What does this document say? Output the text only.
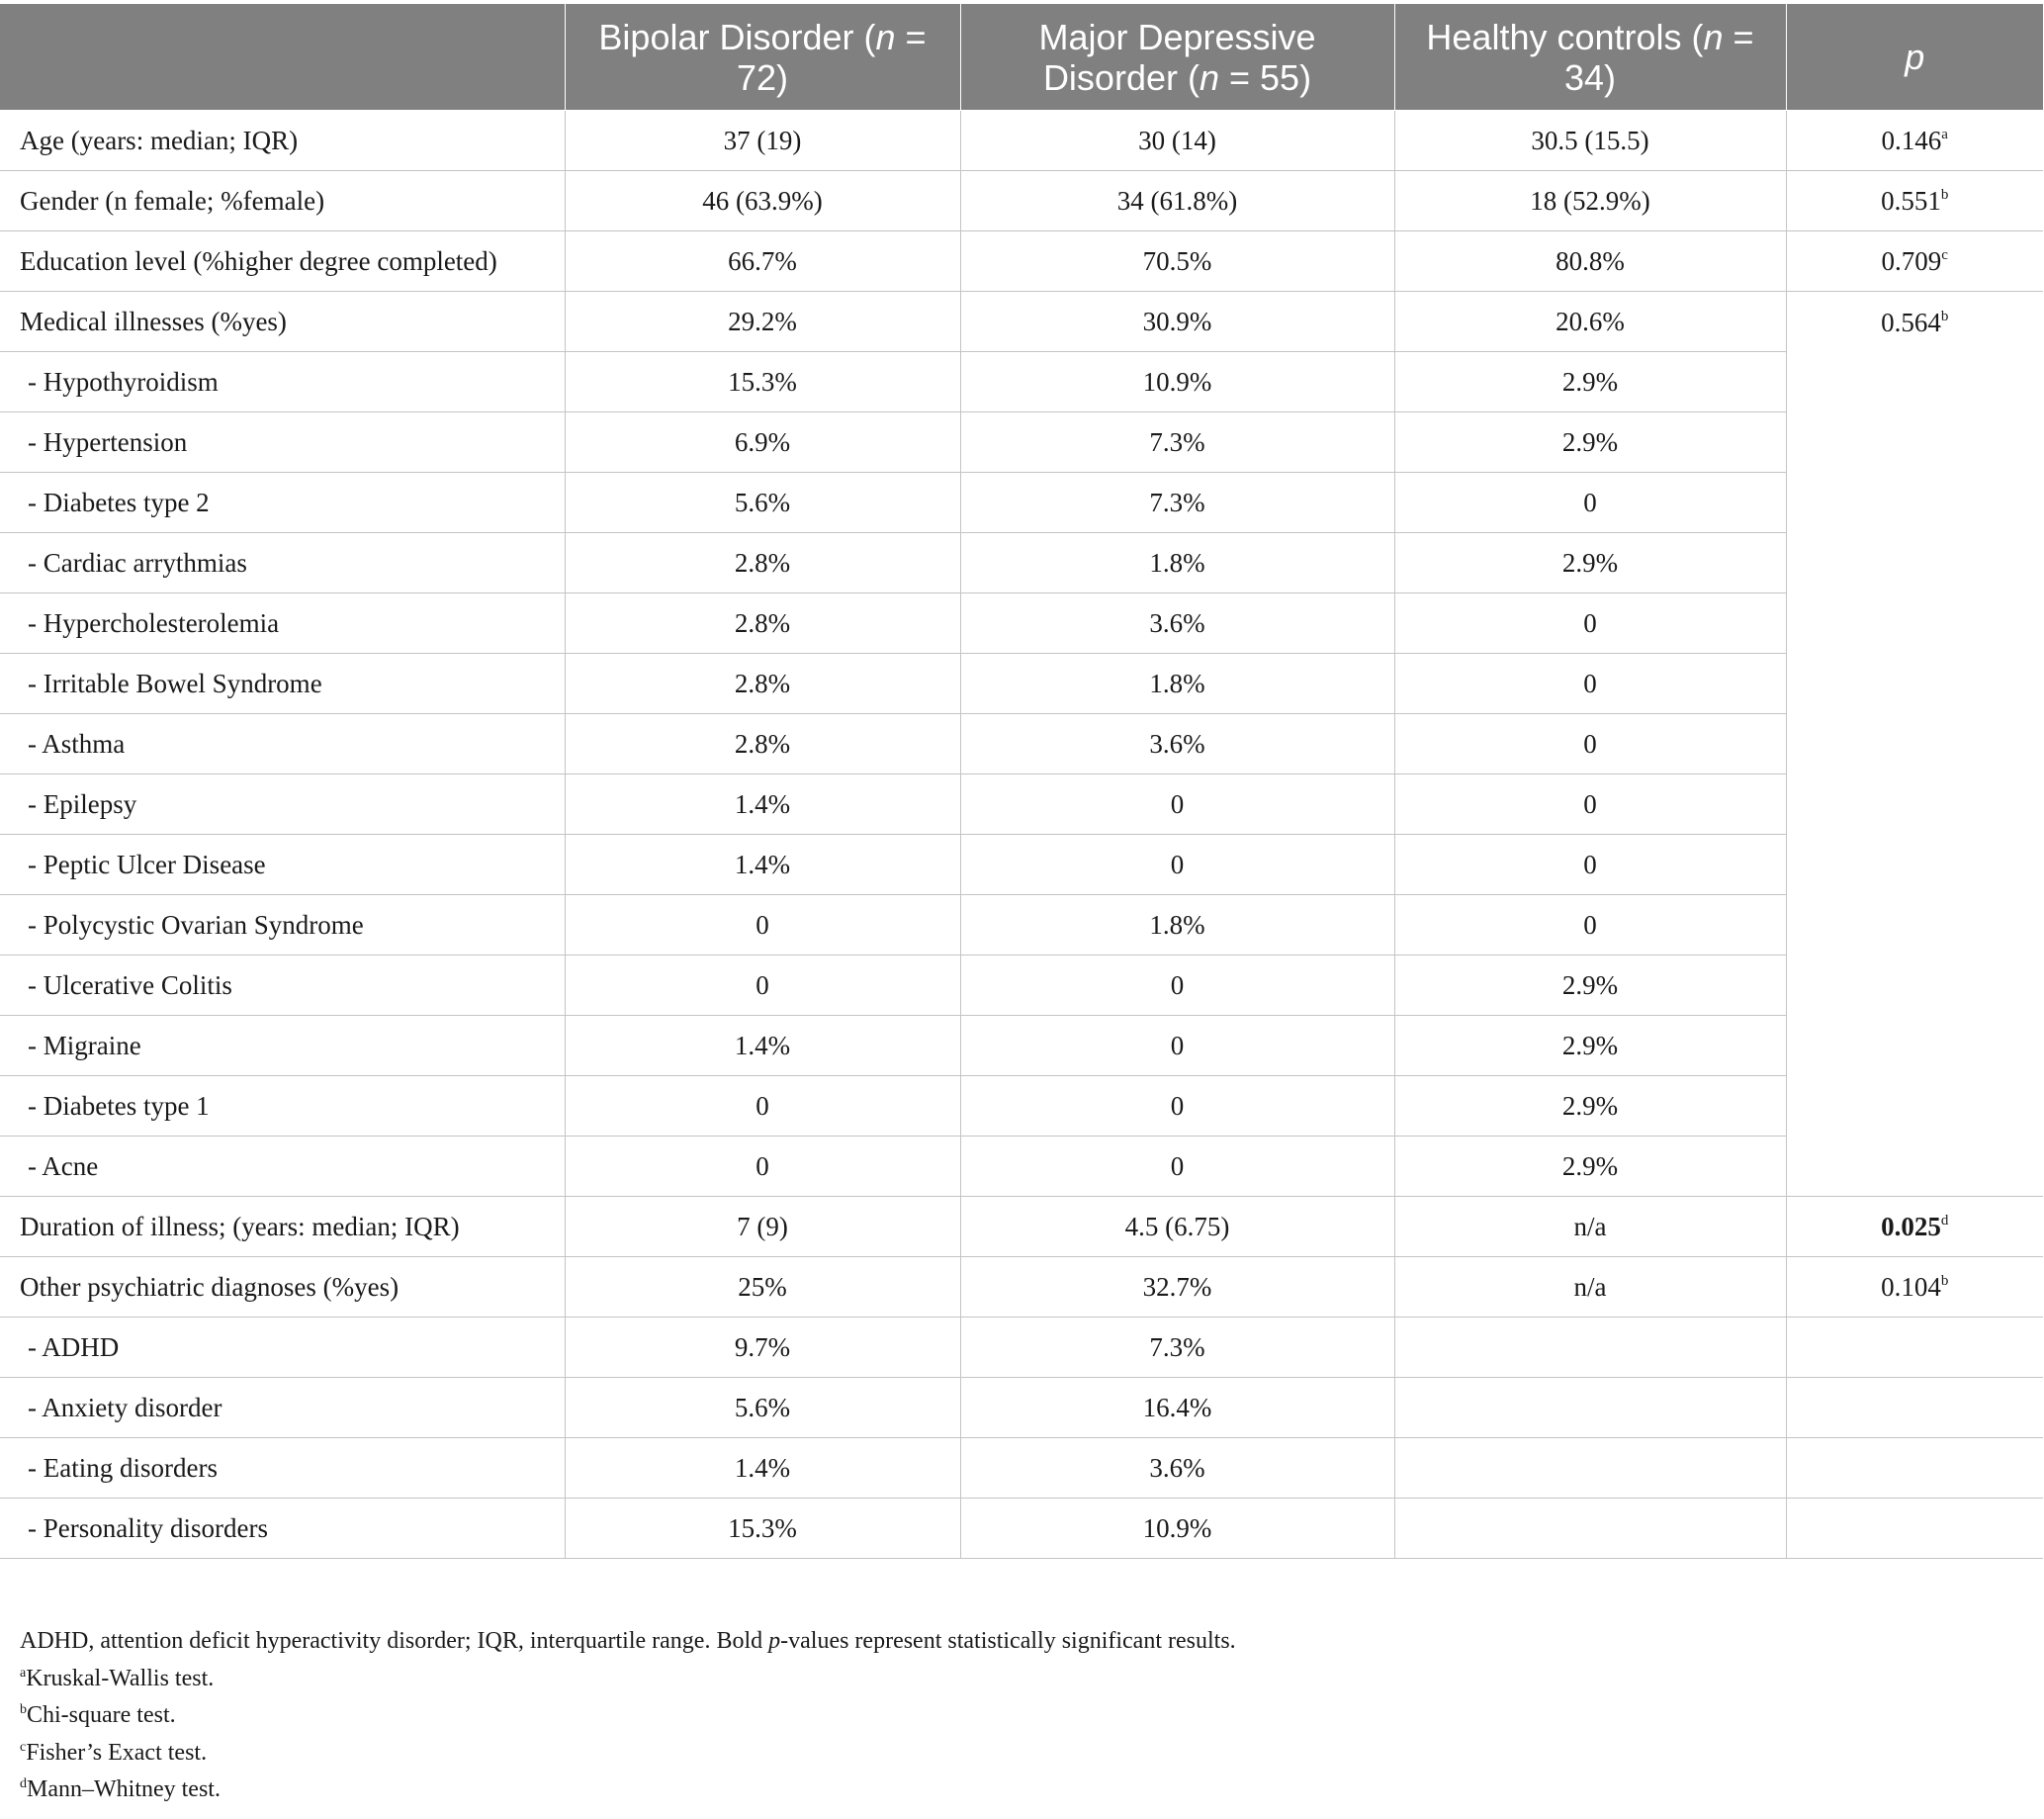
	Bipolar Disorder (n = 72)	Major Depressive Disorder (n = 55)	Healthy controls (n = 34)	p
Age (years: median; IQR)	37 (19)	30 (14)	30.5 (15.5)	0.146$^a$
Gender (n female; %female)	46 (63.9%)	34 (61.8%)	18 (52.9%)	0.551$^b$
Education level (%higher degree completed)	66.7%	70.5%	80.8%	0.709$^c$
Medical illnesses (%yes)	29.2%	30.9%	20.6%	0.564$^b$
- Hypothyroidism	15.3%	10.9%	2.9%	
- Hypertension	6.9%	7.3%	2.9%	
- Diabetes type 2	5.6%	7.3%	0	
- Cardiac arrythmias	2.8%	1.8%	2.9%	
- Hypercholesterolemia	2.8%	3.6%	0	
- Irritable Bowel Syndrome	2.8%	1.8%	0	
- Asthma	2.8%	3.6%	0	
- Epilepsy	1.4%	0	0	
- Peptic Ulcer Disease	1.4%	0	0	
- Polycystic Ovarian Syndrome	0	1.8%	0	
- Ulcerative Colitis	0	0	2.9%	
- Migraine	1.4%	0	2.9%	
- Diabetes type 1	0	0	2.9%	
- Acne	0	0	2.9%	
Duration of illness; (years: median; IQR)	7 (9)	4.5 (6.75)	n/a	0.025$^d$
Other psychiatric diagnoses (%yes)	25%	32.7%	n/a	0.104$^b$
- ADHD	9.7%	7.3%		
- Anxiety disorder	5.6%	16.4%		
- Eating disorders	1.4%	3.6%		
- Personality disorders	15.3%	10.9%		
ADHD, attention deficit hyperactivity disorder; IQR, interquartile range. Bold p-values represent statistically significant results.
$^a$Kruskal-Wallis test.
$^b$Chi-square test.
$^c$Fisher’s Exact test.
$^d$Mann–Whitney test.
